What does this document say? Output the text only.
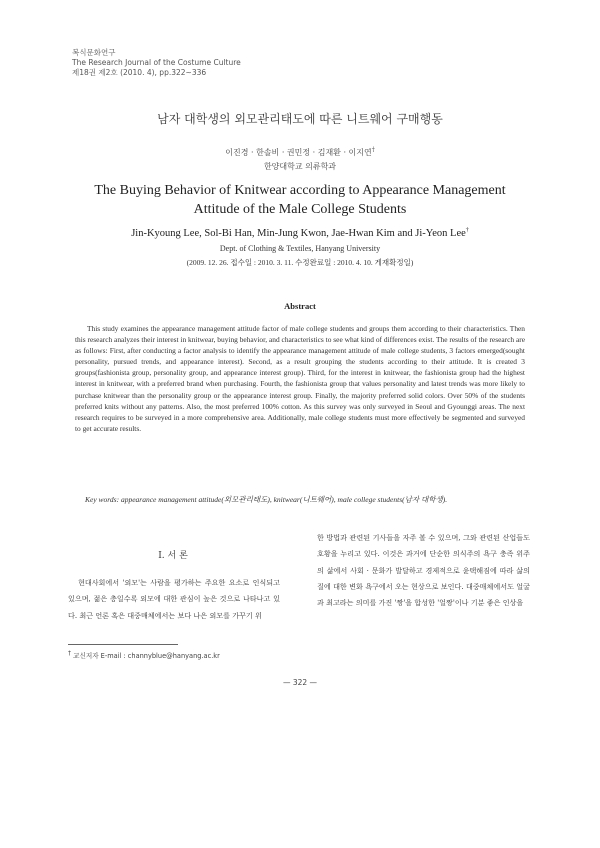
복식문화연구
The Research Journal of the Costume Culture
제18권 제2호 (2010. 4), pp.322~336
남자 대학생의 외모관리태도에 따른 니트웨어 구매행동
이진경 · 한솔비 · 권민정 · 김재환 · 이지연†
한양대학교 의류학과
The Buying Behavior of Knitwear according to Appearance Management
Attitude of the Male College Students
Jin-Kyoung Lee, Sol-Bi Han, Min-Jung Kwon, Jae-Hwan Kim and Ji-Yeon Lee†
Dept. of Clothing & Textiles, Hanyang University
(2009. 12. 26. 접수일 : 2010. 3. 11. 수정완료일 : 2010. 4. 10. 게재확정일)
Abstract

This study examines the appearance management attitude factor of male college students and groups them according to their characteristics. Then this research analyzes their interest in knitwear, buying behavior, and characteristics to see what kind of differences exist. The results of the research are as follows: First, after conducting a factor analysis to identify the appearance management attitude of male college students, 3 factors emerged(sought personality, pursued trends, and appearance interest). Second, as a result grouping the students according to their attitude. It is created 3 groups(fashionista group, personality group, and appearance interest group). Third, for the interest in knitwear, the fashionista group had the highest interest in knitwear, with a preferred brand when purchasing. Fourth, the fashionista group that values personality and latest trends was more likely to purchase knitwear than the personality group or the appearance interest group. Finally, the majority preferred solid colors. Over 50% of the students preferred knits without any patterns. Also, the most preferred 100% cotton. As this survey was only surveyed in Seoul and Gyounggi areas. The next research requires to be surveyed in a more comprehensive area. Additionally, male college students must more effectively be segmented and surveyed to get accurate results.

Key words: appearance management attitude(외모관리태도), knitwear(니트웨어), male college students(남자 대학생).

Ⅰ. 서 론

현대사회에서 '외모'는 사람을 평가하는 주요한 요소로 인식되고 있으며, 젊은 층일수록 외모에 대한 관심이 높은 것으로 나타나고 있다. 최근 언론 혹은 대중매체에서는 보다 나은 외모를 가꾸기 위

한 방법과 관련된 기사들을 자주 볼 수 있으며, 그와 관련된 산업들도 호황을 누리고 있다. 이것은 과거에 단순한 의식주의 욕구 충족 위주의 삶에서 사회 · 문화가 발달하고 경제적으로 윤택해짐에 따라 삶의 질에 대한 변화 욕구에서 오는 현상으로 보인다. 대중매체에서도 얼굴과 최고라는 의미를 가진 '짱'을 합성한 '얼짱'이나 기분 좋은 인상을

† 교신저자 E-mail : channyblue@hanyang.ac.kr
— 322 —
